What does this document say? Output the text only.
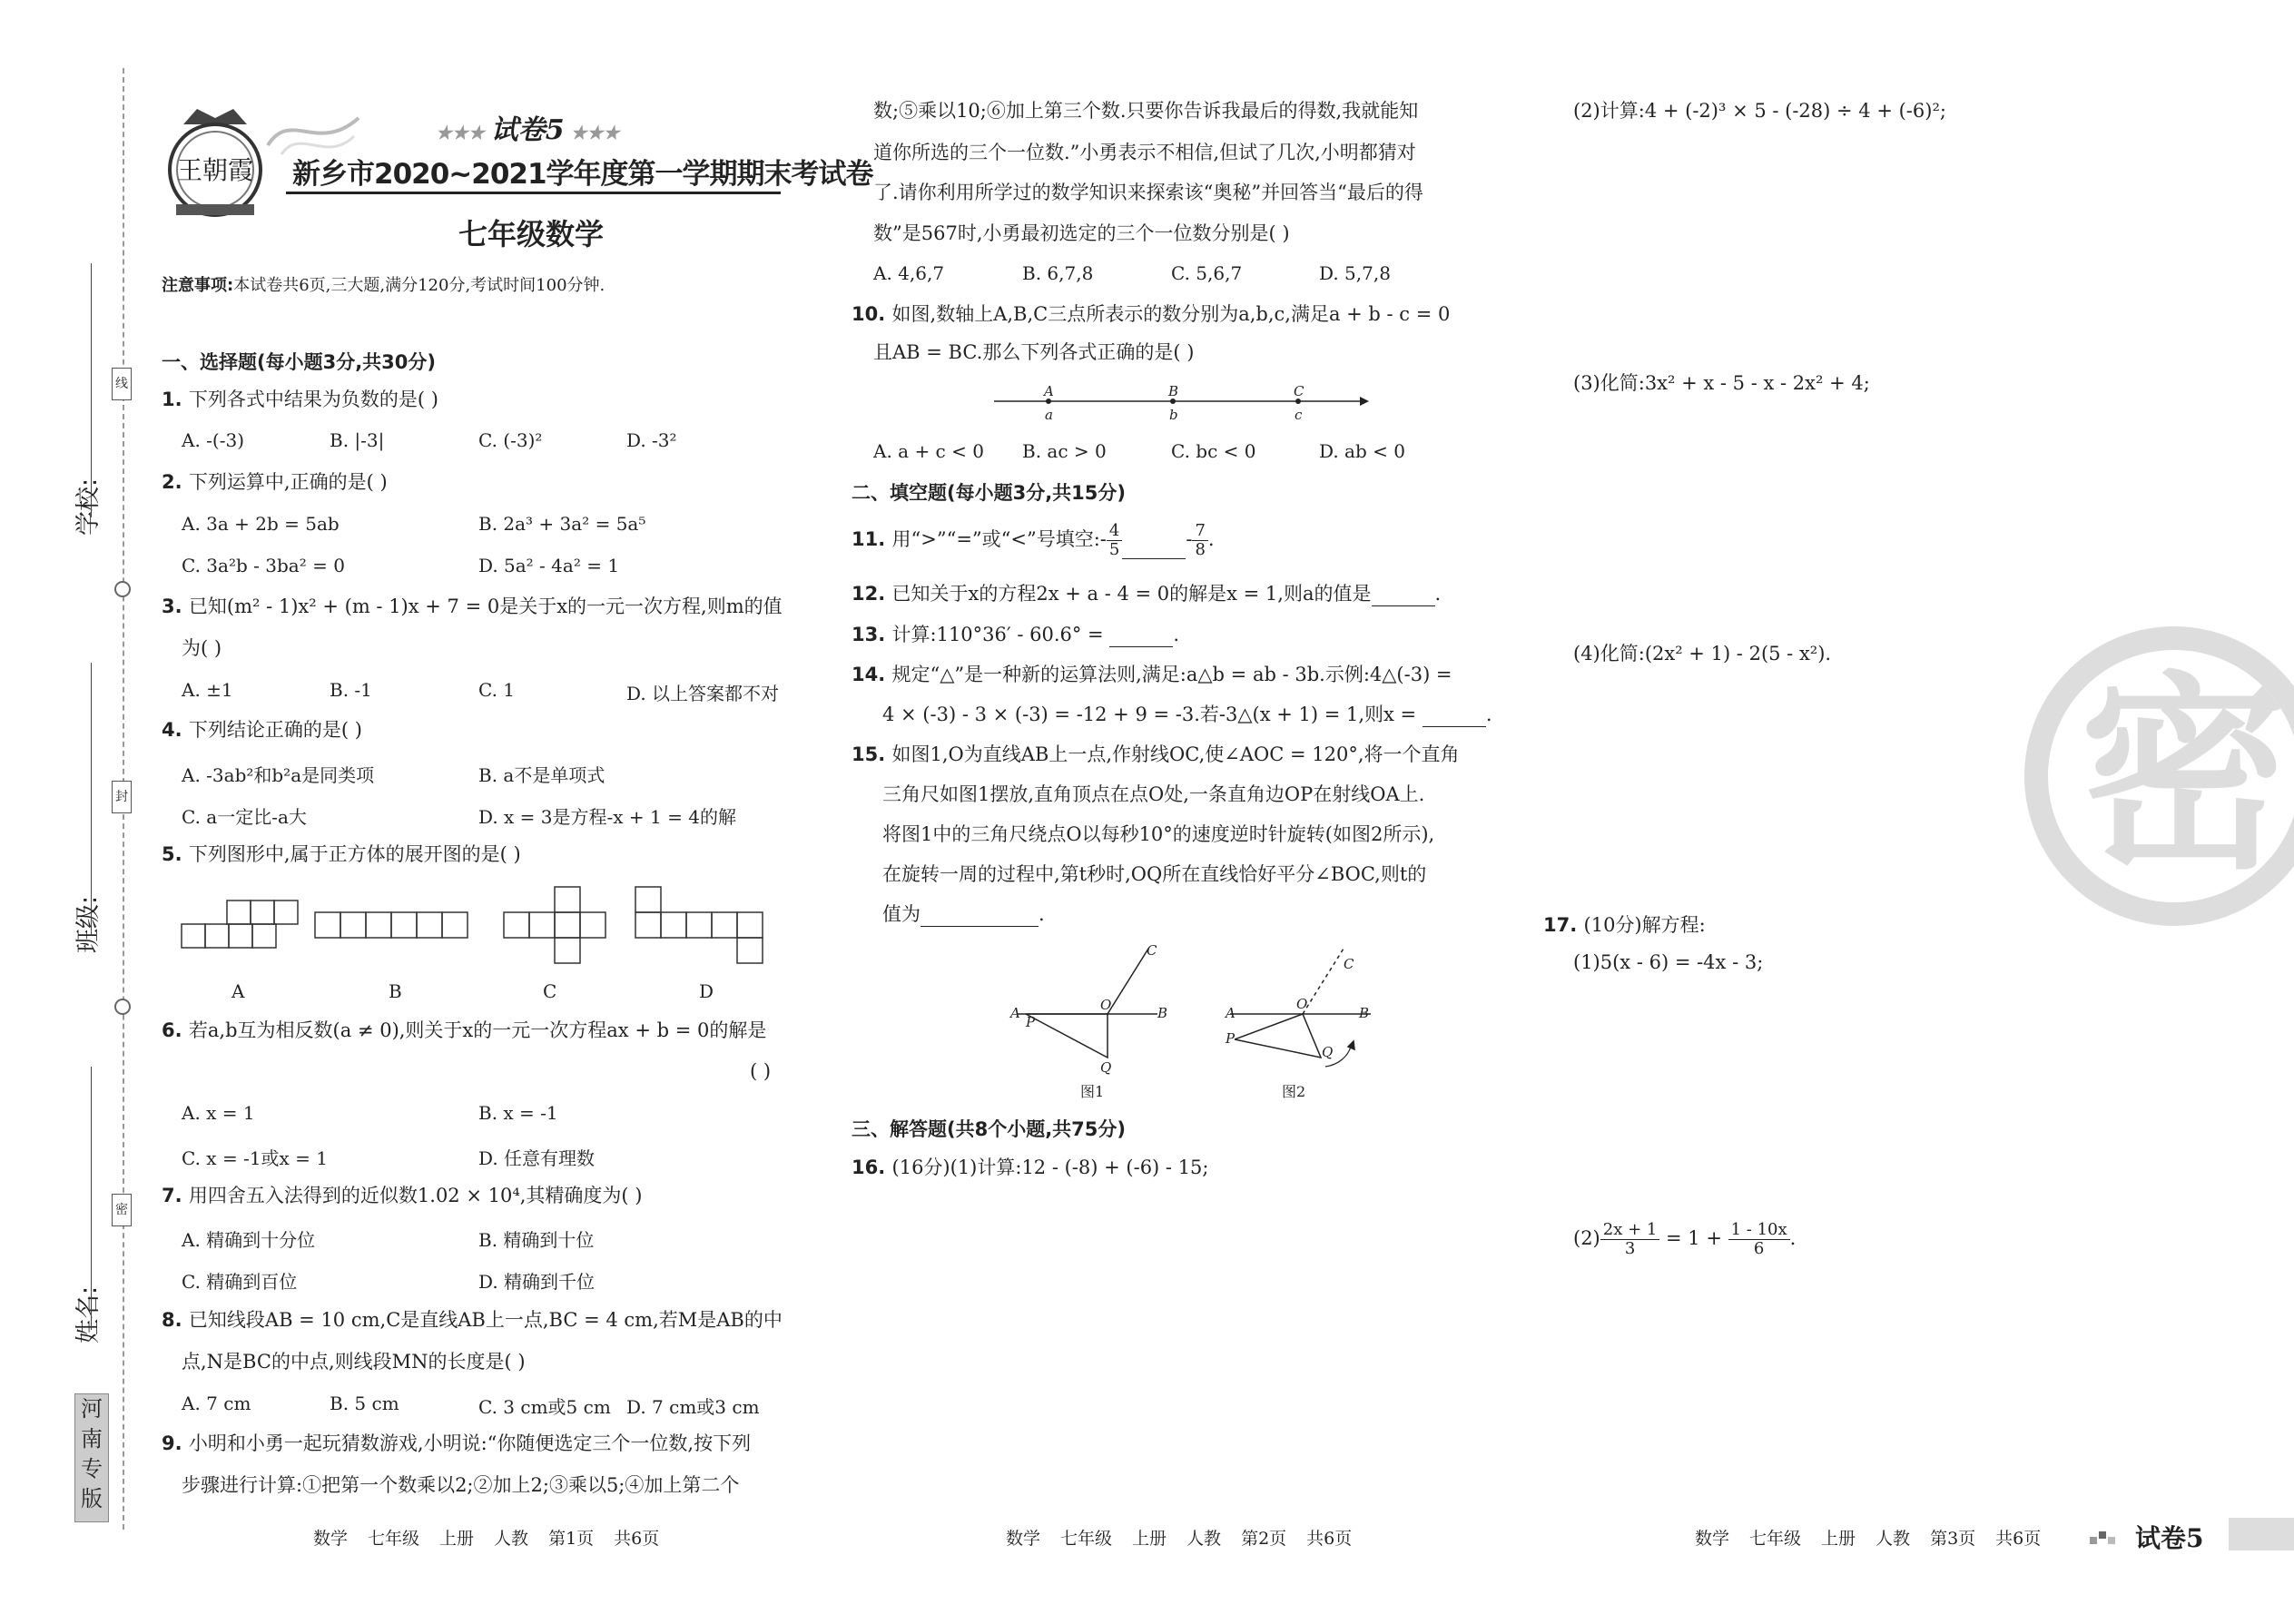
学校:
班级:
姓名:
线
封
密
河
南
专
版
王朝霞
★★★ 试卷5 ★★★
新乡市2020~2021学年度第一学期期末考试卷
七年级数学
注意事项:本试卷共6页,三大题,满分120分,考试时间100分钟.
一、选择题(每小题3分,共30分)
1. 下列各式中结果为负数的是( )
A. -(-3)	B. |-3|	C. (-3)²	D. -3²
2. 下列运算中,正确的是( )
A. 3a + 2b = 5ab	B. 2a³ + 3a² = 5a⁵
C. 3a²b - 3ba² = 0	D. 5a² - 4a² = 1
3. 已知(m² - 1)x² + (m - 1)x + 7 = 0是关于x的一元一次方程,则m的值
为( )
A. ±1	B. -1	C. 1	D. 以上答案都不对
4. 下列结论正确的是( )
A. -3ab²和b²a是同类项	B. a不是单项式
C. a一定比-a大	D. x = 3是方程-x + 1 = 4的解
5. 下列图形中,属于正方体的展开图的是( )
A	B	C	D
6. 若a,b互为相反数(a ≠ 0),则关于x的一元一次方程ax + b = 0的解是
( )
A. x = 1	B. x = -1
C. x = -1或x = 1	D. 任意有理数
7. 用四舍五入法得到的近似数1.02 × 10⁴,其精确度为( )
A. 精确到十分位	B. 精确到十位
C. 精确到百位	D. 精确到千位
8. 已知线段AB = 10 cm,C是直线AB上一点,BC = 4 cm,若M是AB的中
点,N是BC的中点,则线段MN的长度是( )
A. 7 cm	B. 5 cm	C. 3 cm或5 cm D. 7 cm或3 cm
9. 小明和小勇一起玩猜数游戏,小明说:“你随便选定三个一位数,按下列
步骤进行计算:①把第一个数乘以2;②加上2;③乘以5;④加上第二个
数;⑤乘以10;⑥加上第三个数.只要你告诉我最后的得数,我就能知
道你所选的三个一位数.”小勇表示不相信,但试了几次,小明都猜对
了.请你利用所学过的数学知识来探索该“奥秘”并回答当“最后的得
数”是567时,小勇最初选定的三个一位数分别是( )
A. 4,6,7	B. 6,7,8	C. 5,6,7	D. 5,7,8
10. 如图,数轴上A,B,C三点所表示的数分别为a,b,c,满足a + b - c = 0
且AB = BC.那么下列各式正确的是( )
A	B	C
a	b	c
A. a + c < 0 B. ac > 0	C. bc < 0	D. ab < 0
二、填空题(每小题3分,共15分)
11. 用“>”“=”或“<”号填空:- $\frac{4}{5}$	- $\frac{7}{8}$ .
12. 已知关于x的方程2x + a - 4 = 0的解是x = 1,则a的值是	.
13. 计算:110°36′ - 60.6° =	.
14. 规定“△”是一种新的运算法则,满足:a△b = ab - 3b.示例:4△(-3) =
4 × (-3) - 3 × (-3) = -12 + 9 = -3.若-3△(x + 1) = 1,则x =	.
15. 如图1,O为直线AB上一点,作射线OC,使∠AOC = 120°,将一个直角
三角尺如图1摆放,直角顶点在点O处,一条直角边OP在射线OA上.
将图1中的三角尺绕点O以每秒10°的速度逆时针旋转(如图2所示),
在旋转一周的过程中,第t秒时,OQ所在直线恰好平分∠BOC,则t的
值为	.
C
A	O	B
P
Q
图1
C
A
O
B
P
Q
图2
三、解答题(共8个小题,共75分)
16. (16分)(1)计算:12 - (-8) + (-6) - 15;
(2)计算:4 + (-2)³ × 5 - (-28) ÷ 4 + (-6)²;
(3)化简:3x² + x - 5 - x - 2x² + 4;
(4)化简:(2x² + 1) - 2(5 - x²).
17. (10分)解方程:
(1)5(x - 6) = -4x - 3;
$(2) \frac{2x + 1}{3} = 1 + \frac{1 - 10x}{6}$ .
密
数学 七年级 上册 人教 第1页 共6页	数学 七年级 上册 人教 第2页 共6页	数学 七年级 上册 人教 第3页 共6页	试卷5
